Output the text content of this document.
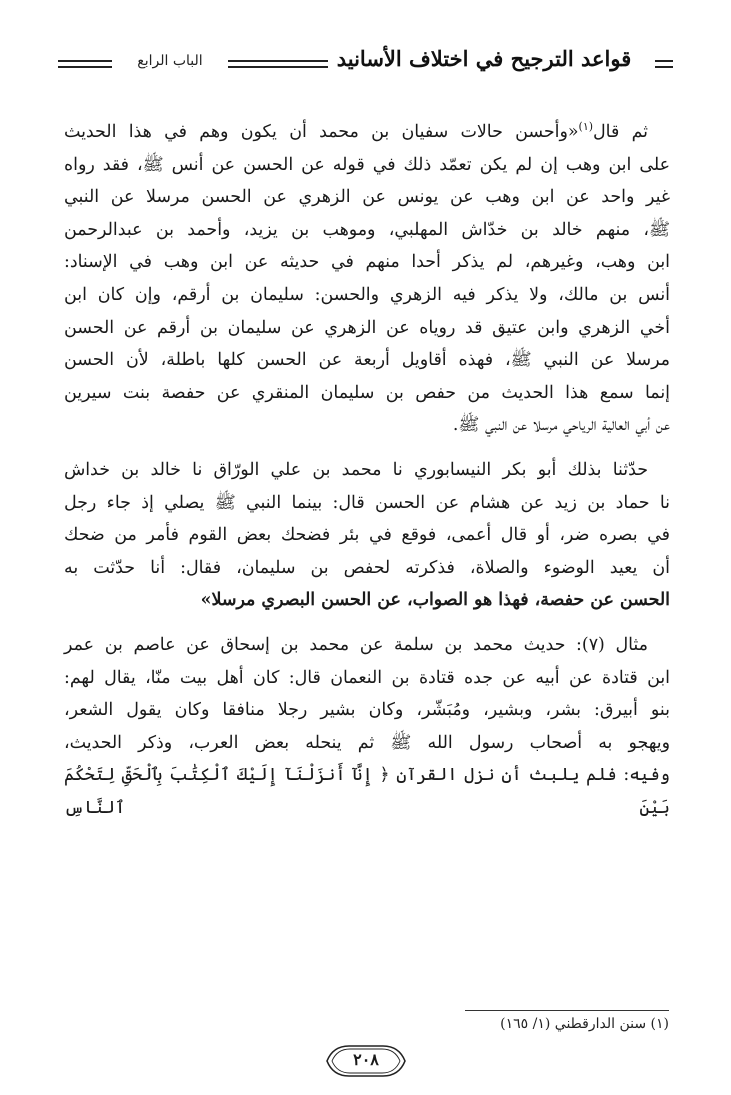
قواعد الترجيح في اختلاف الأسانيد
الباب الرابع

ثم قال$^{(١)}$«وأحسن حالات سفيان بن محمد أن يكون وهم في هذا الحديث
على ابن وهب إن لم يكن تعمّد ذلك في قوله عن الحسن عن أنس ﷺ، فقد رواه
غير واحد عن ابن وهب عن يونس عن الزهري عن الحسن مرسلا عن النبي
ﷺ، منهم خالد بن خدّاش المهلبي، وموهب بن يزيد، وأحمد بن عبدالرحمن
ابن وهب، وغيرهم، لم يذكر أحدا منهم في حديثه عن ابن وهب في الإسناد:
أنس بن مالك، ولا يذكر فيه الزهري والحسن: سليمان بن أرقم، وإن كان ابن
أخي الزهري وابن عتيق قد روياه عن الزهري عن سليمان بن أرقم عن الحسن
مرسلا عن النبي ﷺ، فهذه أقاويل أربعة عن الحسن كلها باطلة، لأن الحسن
إنما سمع هذا الحديث من حفص بن سليمان المنقري عن حفصة بنت سيرين
عن أبي العالية الرياحي مرسلا عن النبي ﷺ.

حدّثنا بذلك أبو بكر النيسابوري نا محمد بن علي الورّاق نا خالد بن خداش
نا حماد بن زيد عن هشام عن الحسن قال: بينما النبي ﷺ يصلي إذ جاء رجل
في بصره ضر، أو قال أعمى، فوقع في بئر فضحك بعض القوم فأمر من ضحك
أن يعيد الوضوء والصلاة، فذكرته لحفص بن سليمان، فقال: أنا حدّثت به
الحسن عن حفصة، فهذا هو الصواب، عن الحسن البصري مرسلا»

مثال (٧): حديث محمد بن سلمة عن محمد بن إسحاق عن عاصم بن عمر
ابن قتادة عن أبيه عن جده قتادة بن النعمان قال: كان أهل بيت منّا، يقال لهم:
بنو أبيرق: بشر، وبشير، ومُبَشّر، وكان بشير رجلا منافقا وكان يقول الشعر،
ويهجو به أصحاب رسول الله ﷺ ثم ينحله بعض العرب، وذكر الحديث،
وفيه: فلم يلبث أن نزل القرآن ﴿ إِنَّآ أَنزَلْنَآ إِلَيْكَ ٱلْكِتَٰبَ بِٱلْحَقِّ لِتَحْكُمَ بَيْنَ ٱلنَّاسِ

(١) سنن الدارقطني (١/ ١٦٥)
٢٠٨
